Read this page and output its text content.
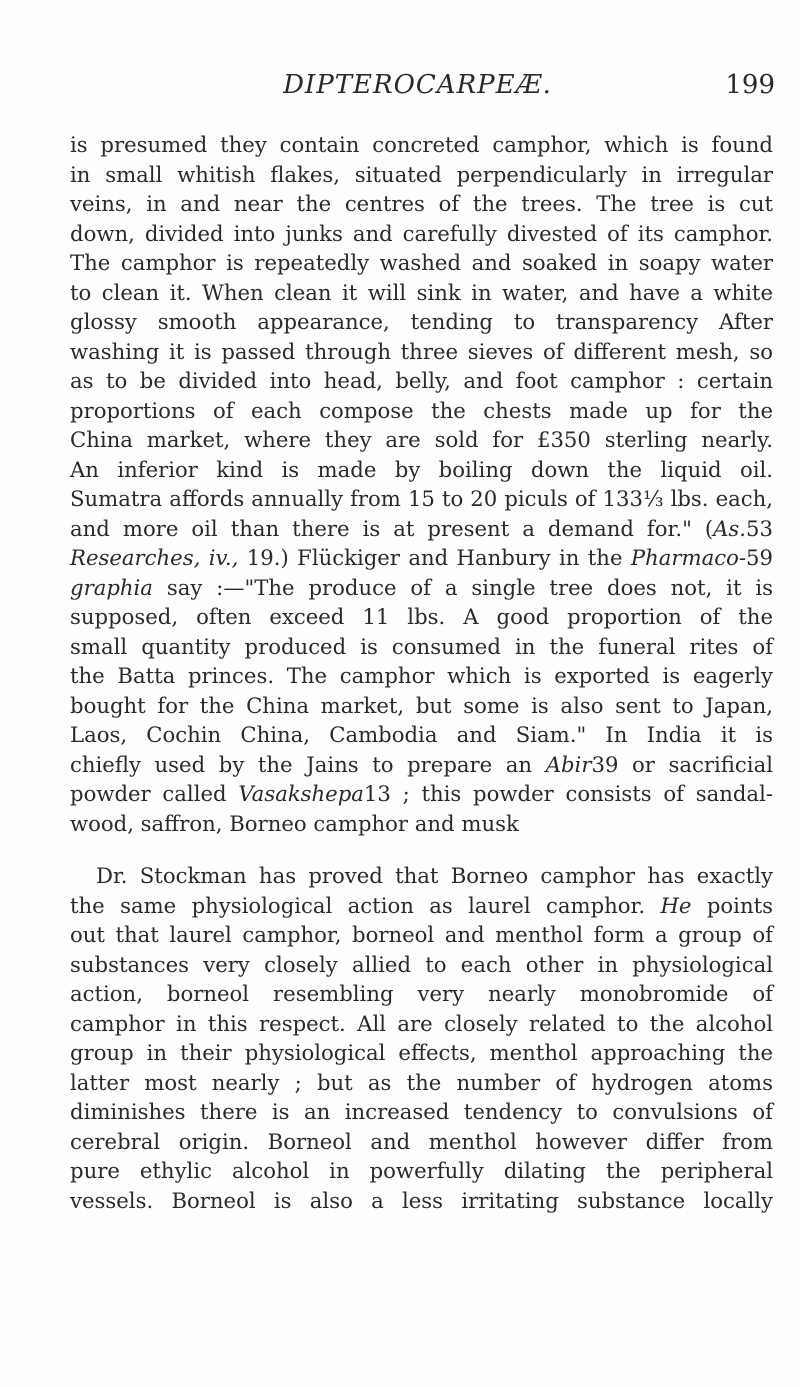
DIPTEROCARPEÆ.	199
is presumed they contain concreted camphor, which is found
in small whitish flakes, situated perpendicularly in irregular
veins, in and near the centres of the trees. The tree is cut
down, divided into junks and carefully divested of its camphor.
The camphor is repeatedly washed and soaked in soapy water
to clean it. When clean it will sink in water, and have a white
glossy smooth appearance, tending to transparency After
washing it is passed through three sieves of different mesh, so
as to be divided into head, belly, and foot camphor : certain
proportions of each compose the chests made up for the
China market, where they are sold for £350 sterling nearly.
An inferior kind is made by boiling down the liquid oil.
Sumatra affords annually from 15 to 20 piculs of 133⅓ lbs. each,
and more oil than there is at present a demand for." (As.53
Researches, iv., 19.) Flückiger and Hanbury in the Pharmaco-59
graphia say :—"The produce of a single tree does not, it is
supposed, often exceed 11 lbs. A good proportion of the
small quantity produced is consumed in the funeral rites of
the Batta princes. The camphor which is exported is eagerly
bought for the China market, but some is also sent to Japan,
Laos, Cochin China, Cambodia and Siam." In India it is
chiefly used by the Jains to prepare an Abir39 or sacrificial
powder called Vasakshepa13 ; this powder consists of sandal-
wood, saffron, Borneo camphor and musk
Dr. Stockman has proved that Borneo camphor has exactly
the same physiological action as laurel camphor. He points
out that laurel camphor, borneol and menthol form a group of
substances very closely allied to each other in physiological
action, borneol resembling very nearly monobromide of
camphor in this respect. All are closely related to the alcohol
group in their physiological effects, menthol approaching the
latter most nearly ; but as the number of hydrogen atoms
diminishes there is an increased tendency to convulsions of
cerebral origin. Borneol and menthol however differ from
pure ethylic alcohol in powerfully dilating the peripheral
vessels. Borneol is also a less irritating substance locally
